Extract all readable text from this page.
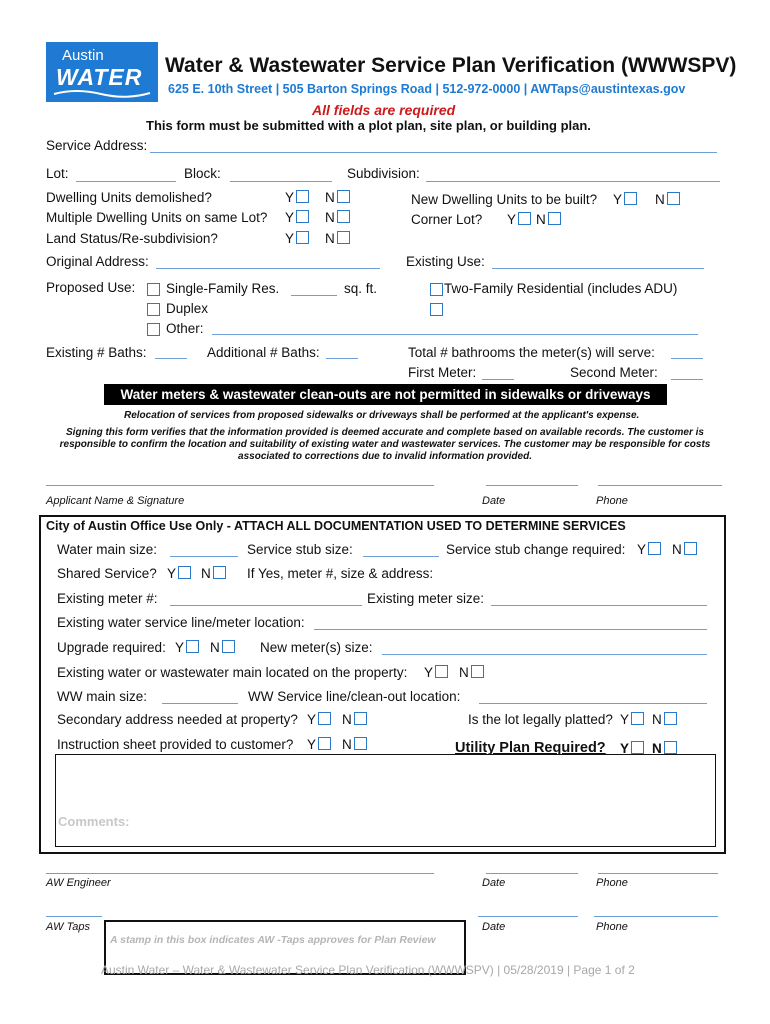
Austin
WATER Water & Wastewater Service Plan Verification (WWWSPV)
625 E. 10th Street | 505 Barton Springs Road | 512-972-0000 | AWTaps@austintexas.gov
All fields are required
This form must be submitted with a plot plan, site plan, or building plan.
Service Address:
Lot:	Block:	Subdivision:
Dwelling Units demolished?	Y	N
Multiple Dwelling Units on same Lot? Y	N
Land Status/Re-subdivision?	Y	N
New Dwelling Units to be built? Y	N
Corner Lot? Y	N
Original Address:	Existing Use:
Proposed Use: Single-Family Res.	sq. ft.	Two-Family Residential (includes ADU)
Duplex
Other:
Existing # Baths:	Additional # Baths:	Total # bathrooms the meter(s) will serve:
First Meter:	Second Meter:
Water meters & wastewater clean-outs are not permitted in sidewalks or driveways
Relocation of services from proposed sidewalks or driveways shall be performed at the applicant's expense.
Signing this form verifies that the information provided is deemed accurate and complete based on available records. The customer is
responsible to confirm the location and suitability of existing water and wastewater services. The customer may be responsible for costs
associated to corrections due to invalid information provided.
Applicant Name & Signature	Date	Phone
City of Austin Office Use Only - ATTACH ALL DOCUMENTATION USED TO DETERMINE SERVICES
Water main size:	Service stub size:	Service stub change required: Y	N
Shared Service? Y	N	If Yes, meter #, size & address:
Existing meter #:	Existing meter size:
Existing water service line/meter location:
Upgrade required: Y	N	New meter(s) size:
Existing water or wastewater main located on the property: Y	N
WW main size:	WW Service line/clean-out location:
Secondary address needed at property? Y	N	Is the lot legally platted? Y	N
Instruction sheet provided to customer? Y	N	Utility Plan Required? Y	N
Comments:
AW Engineer	Date	Phone
AW Taps	Date	Phone
A stamp in this box indicates AW -Taps approves for Plan Review
Austin Water – Water & Wastewater Service Plan Verification (WWWSPV) | 05/28/2019 | Page 1 of 2
